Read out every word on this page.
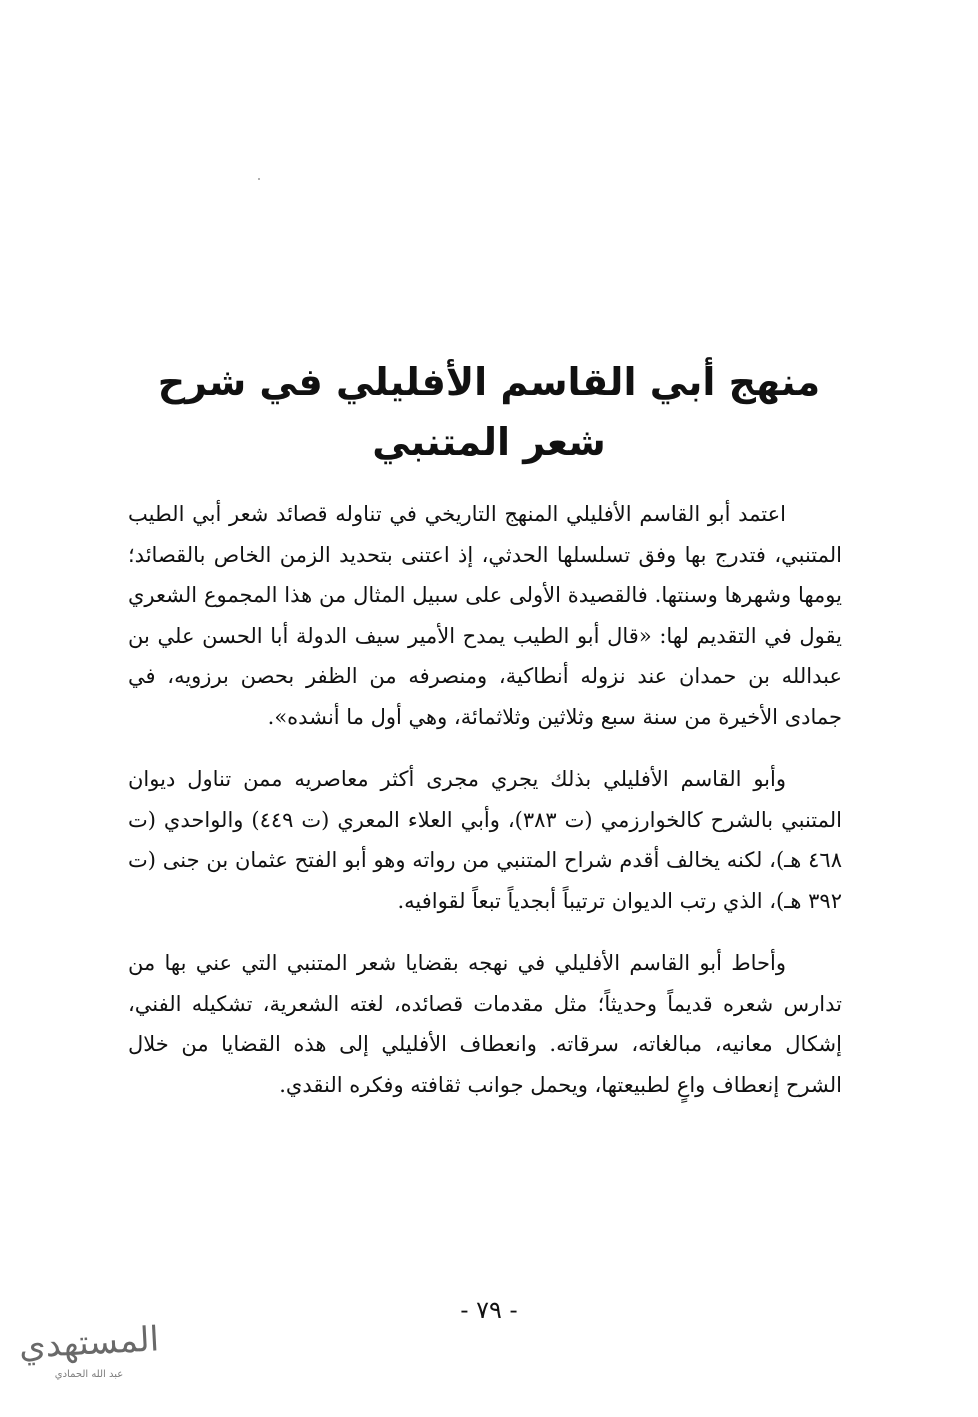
منهج أبي القاسم الأفليلي في شرح شعر المتنبي

اعتمد أبو القاسم الأفليلي المنهج التاريخي في تناوله قصائد شعر أبي الطيب المتنبي، فتدرج بها وفق تسلسلها الحدثي، إذ اعتنى بتحديد الزمن الخاص بالقصائد؛ يومها وشهرها وسنتها. فالقصيدة الأولى على سبيل المثال من هذا المجموع الشعري يقول في التقديم لها: «قال أبو الطيب يمدح الأمير سيف الدولة أبا الحسن علي بن عبدالله بن حمدان عند نزوله أنطاكية، ومنصرفه من الظفر بحصن برزويه، في جمادى الأخيرة من سنة سبع وثلاثين وثلاثمائة، وهي أول ما أنشده».

وأبو القاسم الأفليلي بذلك يجري مجرى أكثر معاصريه ممن تناول ديوان المتنبي بالشرح كالخوارزمي (ت ٣٨٣)، وأبي العلاء المعري (ت ٤٤٩) والواحدي (ت ٤٦٨ هـ)، لكنه يخالف أقدم شراح المتنبي من رواته وهو أبو الفتح عثمان بن جنى (ت ٣٩٢ هـ)، الذي رتب الديوان ترتيباً أبجدياً تبعاً لقوافيه.

وأحاط أبو القاسم الأفليلي في نهجه بقضايا شعر المتنبي التي عني بها من تدارس شعره قديماً وحديثاً؛ مثل مقدمات قصائده، لغته الشعرية، تشكيله الفني، إشكال معانيه، مبالغاته، سرقاته. وانعطاف الأفليلي إلى هذه القضايا من خلال الشرح إنعطاف واعٍ لطبيعتها، ويحمل جوانب ثقافته وفكره النقدي.

- ٧٩ -
المستهدي
عبد الله الحمادي
